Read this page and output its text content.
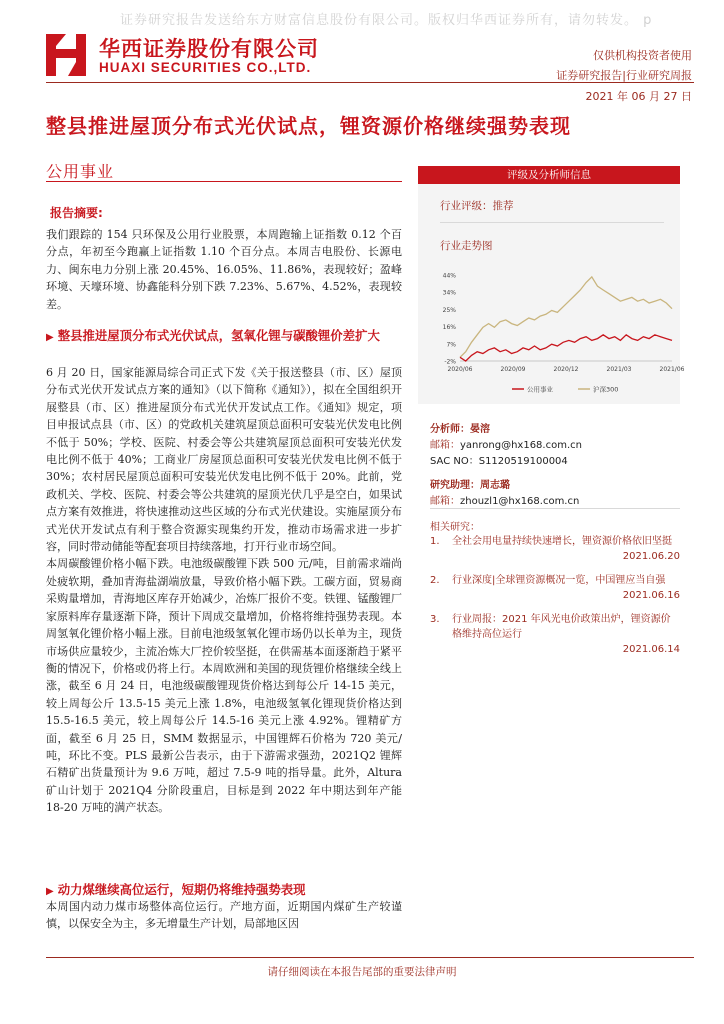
证券研究报告发送给东方财富信息股份有限公司。版权归华西证券所有，请勿转发。 p
华西证券股份有限公司
HUAXI SECURITIES CO.,LTD.
仅供机构投资者使用
证券研究报告|行业研究周报
2021 年 06 月 27 日
整县推进屋顶分布式光伏试点，锂资源价格继续强势表现
公用事业
报告摘要:

我们跟踪的 154 只环保及公用行业股票，本周跑输上证指数 0.12 个百分点，年初至今跑赢上证指数 1.10 个百分点。本周吉电股份、长源电力、闽东电力分别上涨 20.45%、16.05%、11.86%，表现较好；盈峰环境、天壕环境、协鑫能科分别下跌 7.23%、5.67%、4.52%，表现较差。

▶ 整县推进屋顶分布式光伏试点，氢氧化锂与碳酸锂价差扩大

6 月 20 日，国家能源局综合司正式下发《关于报送整县（市、区）屋顶分布式光伏开发试点方案的通知》（以下简称《通知》），拟在全国组织开展整县（市、区）推进屋顶分布式光伏开发试点工作。《通知》规定，项目申报试点县（市、区）的党政机关建筑屋顶总面积可安装光伏发电比例不低于 50%；学校、医院、村委会等公共建筑屋顶总面积可安装光伏发电比例不低于 40%；工商业厂房屋顶总面积可安装光伏发电比例不低于 30%；农村居民屋顶总面积可安装光伏发电比例不低于 20%。此前，党政机关、学校、医院、村委会等公共建筑的屋顶光伏几乎是空白，如果试点方案有效推进，将快速推动这些区域的分布式光伏建设。实施屋顶分布式光伏开发试点有利于整合资源实现集约开发，推动市场需求进一步扩容，同时带动储能等配套项目持续落地，打开行业市场空间。

本周碳酸锂价格小幅下跌。电池级碳酸锂下跌 500 元/吨，目前需求端尚处疲软期，叠加青海盐湖端放量，导致价格小幅下跌。工碳方面，贸易商采购量增加，青海地区库存开始减少，冶炼厂报价不变。铁锂、锰酸锂厂家原料库存量逐渐下降，预计下周成交量增加，价格将维持强势表现。本周氢氧化锂价格小幅上涨。目前电池级氢氧化锂市场仍以长单为主，现货市场供应量较少，主流冶炼大厂控价较坚挺，在供需基本面逐渐趋于紧平衡的情况下，价格或仍将上行。本周欧洲和美国的现货锂价格继续全线上涨，截至 6 月 24 日，电池级碳酸锂现货价格达到每公斤 14-15 美元，较上周每公斤 13.5-15 美元上涨 1.8%，电池级氢氧化锂现货价格达到 15.5-16.5 美元，较上周每公斤 14.5-16 美元上涨 4.92%。锂精矿方面，截至 6 月 25 日，SMM 数据显示，中国锂辉石价格为 720 美元/吨，环比不变。PLS 最新公告表示，由于下游需求强劲，2021Q2 锂辉石精矿出货量预计为 9.6 万吨，超过 7.5-9 吨的指导量。此外，Altura 矿山计划于 2021Q4 分阶段重启，目标是到 2022 年中期达到年产能 18-20 万吨的满产状态。

▶ 动力煤继续高位运行，短期仍将维持强势表现

本周国内动力煤市场整体高位运行。产地方面，近期国内煤矿生产较谨慎，以保安全为主，多无增量生产计划，局部地区因

评级及分析师信息
行业评级：推荐
行业走势图
44%
34%
25%
16%
7%
-2%
2020/06	2020/09	2020/12	2021/03	2021/06
公用事业	沪深300
分析师：晏溶
邮箱：yanrong@hx168.com.cn
SAC NO：S1120519100004
研究助理：周志璐
邮箱：zhouzl1@hx168.com.cn
相关研究：
1. 全社会用电量持续快速增长，锂资源价格依旧坚挺
2021.06.20
2. 行业深度|全球锂资源概况一览，中国锂应当自强
2021.06.16
3. 行业周报：2021 年风光电价政策出炉，锂资源价格维持高位运行
2021.06.14
请仔细阅读在本报告尾部的重要法律声明
